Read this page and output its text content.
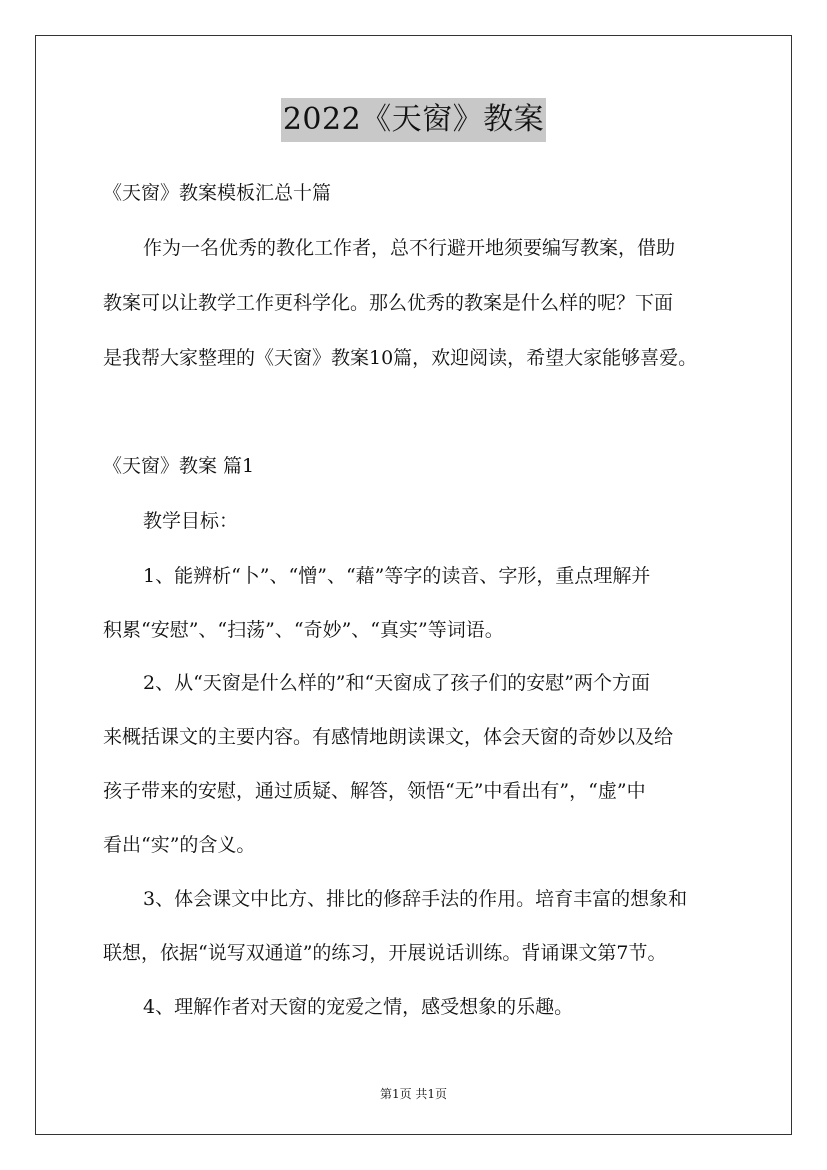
2022《天窗》教案
《天窗》教案模板汇总十篇
作为一名优秀的教化工作者，总不行避开地须要编写教案，借助
教案可以让教学工作更科学化。那么优秀的教案是什么样的呢？下面
是我帮大家整理的《天窗》教案10篇，欢迎阅读，希望大家能够喜爱。
《天窗》教案 篇1
教学目标：
1、能辨析“卜”、“憎”、“藉”等字的读音、字形，重点理解并
积累“安慰”、“扫荡”、“奇妙”、“真实”等词语。
2、从“天窗是什么样的”和“天窗成了孩子们的安慰”两个方面
来概括课文的主要内容。有感情地朗读课文，体会天窗的奇妙以及给
孩子带来的安慰，通过质疑、解答，领悟“无”中看出有”，“虚”中
看出“实”的含义。
3、体会课文中比方、排比的修辞手法的作用。培育丰富的想象和
联想，依据“说写双通道”的练习，开展说话训练。背诵课文第7节。
4、理解作者对天窗的宠爱之情，感受想象的乐趣。
第1页 共1页
